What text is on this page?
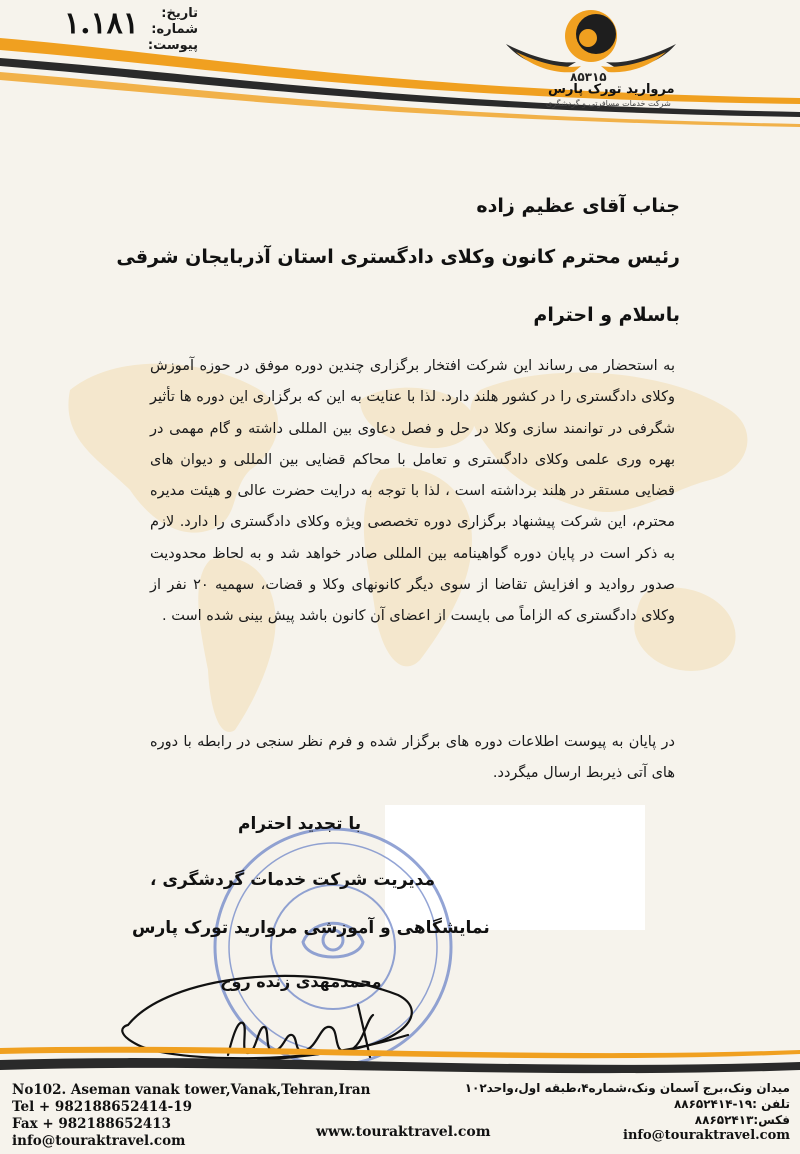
تاریخ:
شماره:
پیوست:
۱.۱۸۱
۸۵۳۱۵
مروارید تورک پارس
شرکت خدمات مسافرتی و گردشگری
جناب آقای عظیم زاده
رئیس محترم کانون وکلای دادگستری استان آذربایجان شرقی
باسلام و احترام

به استحضار می رساند این شرکت افتخار برگزاری چندین دوره موفق در حوزه آموزش وکلای دادگستری را در کشور هلند دارد. لذا با عنایت به این که برگزاری این دوره ها تأثیر شگرفی در توانمند سازی وکلا در حل و فصل دعاوی بین المللی داشته و گام مهمی در بهره وری علمی وکلای دادگستری و تعامل با محاکم قضایی بین المللی و دیوان های قضایی مستقر در هلند برداشته است ، لذا با توجه به درایت حضرت عالی و هیئت مدیره محترم، این شرکت پیشنهاد برگزاری دوره تخصصی ویژه وکلای دادگستری را دارد. لازم به ذکر است در پایان دوره گواهینامه بین المللی صادر خواهد شد و به لحاظ محدودیت صدور روادید و افزایش تقاضا از سوی دیگر کانونهای وکلا و قضات، سهمیه ۲۰ نفر از وکلای دادگستری که الزاماً می بایست از اعضای آن کانون باشد پیش بینی شده است .

در پایان به پیوست اطلاعات دوره های برگزار شده و فرم نظر سنجی در رابطه با دوره های آتی ذیربط ارسال میگردد.

با تجدید احترام
مدیریت شرکت خدمات گردشگری ،
نمایشگاهی و آموزشی مروارید تورک پارس
محمدمهدی زنده روح
No102. Aseman vanak tower,Vanak,Tehran,Iran
Tel + 982188652414-19
Fax + 982188652413
info@touraktravel.com
میدان ونک،برج آسمان ونک،شماره۴،طبقه اول،واحد۱۰۲
تلفن :۱۹-۸۸۶۵۲۴۱۴
فکس:۸۸۶۵۲۴۱۳
info@touraktravel.com
www.touraktravel.com
